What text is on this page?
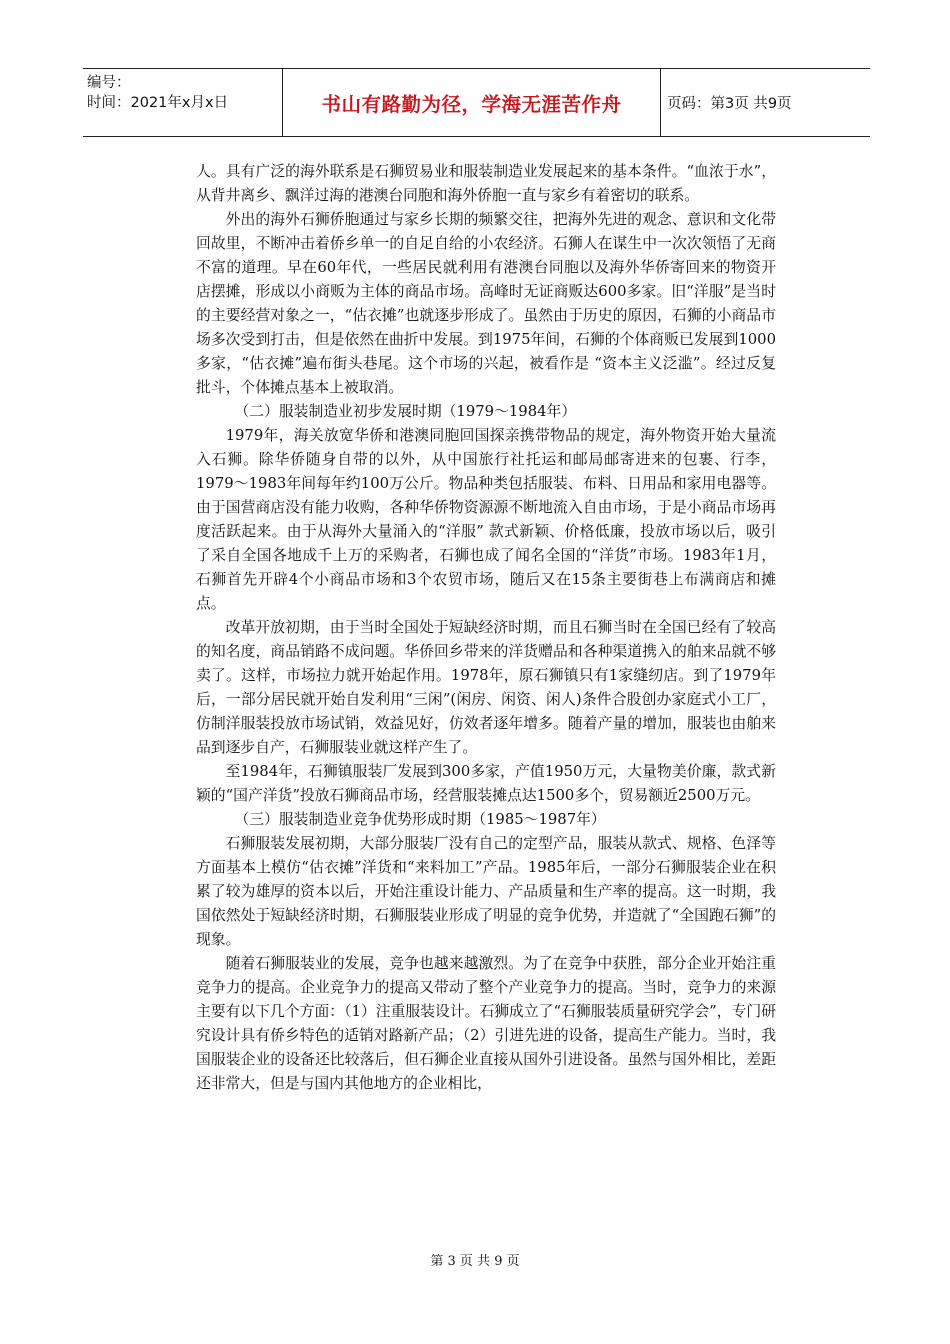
编号：
时间：2021年x月x日	书山有路勤为径，学海无涯苦作舟	页码：第3页 共9页

人。具有广泛的海外联系是石狮贸易业和服装制造业发展起来的基本条件。“血浓于水”，从背井离乡、飘洋过海的港澳台同胞和海外侨胞一直与家乡有着密切的联系。

外出的海外石狮侨胞通过与家乡长期的频繁交往，把海外先进的观念、意识和文化带回故里，不断冲击着侨乡单一的自足自给的小农经济。石狮人在谋生中一次次领悟了无商不富的道理。早在60年代，一些居民就利用有港澳台同胞以及海外华侨寄回来的物资开店摆摊，形成以小商贩为主体的商品市场。高峰时无证商贩达600多家。旧“洋服”是当时的主要经营对象之一，“估衣摊”也就逐步形成了。虽然由于历史的原因，石狮的小商品市场多次受到打击，但是依然在曲折中发展。到1975年间，石狮的个体商贩已发展到1000多家，“估衣摊”遍布街头巷尾。这个市场的兴起，被看作是 “资本主义泛滥”。经过反复批斗，个体摊点基本上被取消。

（二）服装制造业初步发展时期（1979～1984年）

1979年，海关放宽华侨和港澳同胞回国探亲携带物品的规定，海外物资开始大量流入石狮。除华侨随身自带的以外，从中国旅行社托运和邮局邮寄进来的包裹、行李，1979～1983年间每年约100万公斤。物品种类包括服装、布料、日用品和家用电器等。由于国营商店没有能力收购，各种华侨物资源源不断地流入自由市场，于是小商品市场再度活跃起来。由于从海外大量涌入的“洋服” 款式新颖、价格低廉，投放市场以后，吸引了采自全国各地成千上万的采购者，石狮也成了闻名全国的“洋货”市场。1983年1月，石狮首先开辟4个小商品市场和3个农贸市场，随后又在15条主要街巷上布满商店和摊点。

改革开放初期，由于当时全国处于短缺经济时期，而且石狮当时在全国已经有了较高的知名度，商品销路不成问题。华侨回乡带来的洋货赠品和各种渠道携入的舶来品就不够卖了。这样，市场拉力就开始起作用。1978年，原石狮镇只有1家缝纫店。到了1979年后，一部分居民就开始自发利用“三闲”(闲房、闲资、闲人)条件合股创办家庭式小工厂，仿制洋服装投放市场试销，效益见好，仿效者逐年增多。随着产量的增加，服装也由舶来品到逐步自产，石狮服装业就这样产生了。

至1984年，石狮镇服装厂发展到300多家，产值1950万元，大量物美价廉，款式新颖的“国产洋货”投放石狮商品市场，经营服装摊点达1500多个，贸易额近2500万元。

（三）服装制造业竞争优势形成时期（1985～1987年）

石狮服装发展初期，大部分服装厂没有自己的定型产品，服装从款式、规格、色泽等方面基本上模仿“估衣摊”洋货和“来料加工”产品。1985年后，一部分石狮服装企业在积累了较为雄厚的资本以后，开始注重设计能力、产品质量和生产率的提高。这一时期，我国依然处于短缺经济时期，石狮服装业形成了明显的竞争优势，并造就了“全国跑石狮”的现象。

随着石狮服装业的发展，竞争也越来越激烈。为了在竞争中获胜，部分企业开始注重竞争力的提高。企业竞争力的提高又带动了整个产业竞争力的提高。当时，竞争力的来源主要有以下几个方面：（1）注重服装设计。石狮成立了“石狮服装质量研究学会”，专门研究设计具有侨乡特色的适销对路新产品；（2）引进先进的设备，提高生产能力。当时，我国服装企业的设备还比较落后，但石狮企业直接从国外引进设备。虽然与国外相比，差距还非常大，但是与国内其他地方的企业相比，

第 3 页 共 9 页
